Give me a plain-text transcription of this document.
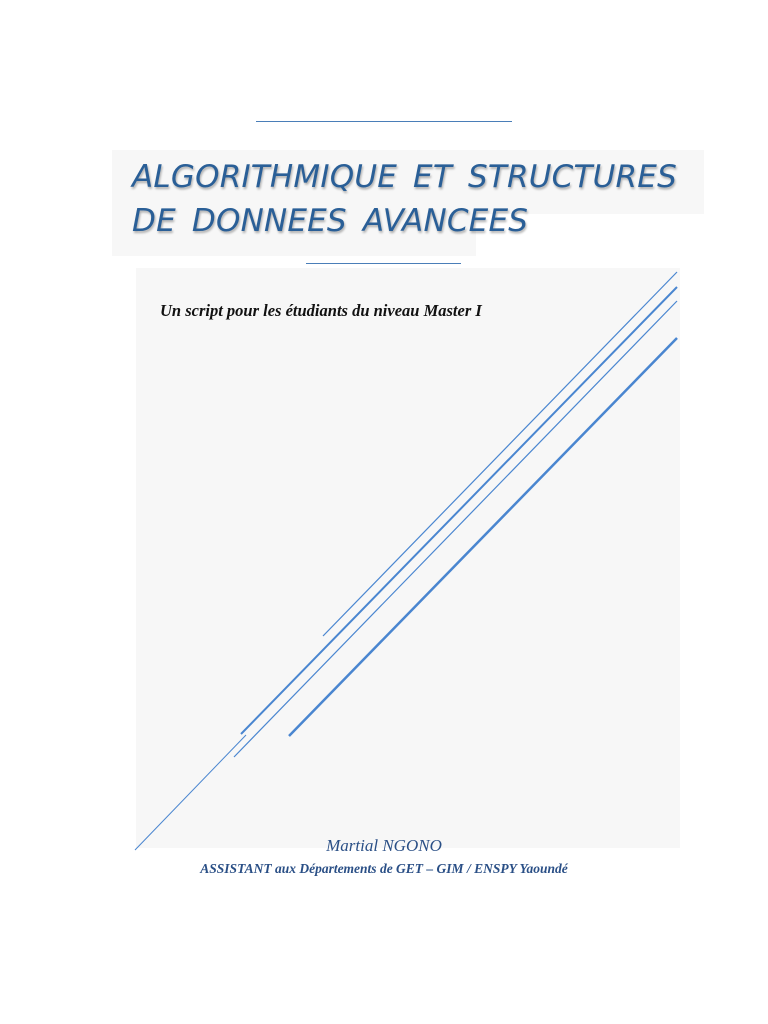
ALGORITHMIQUE ET STRUCTURES DE DONNEES AVANCEES

Un script pour les étudiants du niveau Master I

Martial NGONO

ASSISTANT aux Départements de GET – GIM / ENSPY Yaoundé
